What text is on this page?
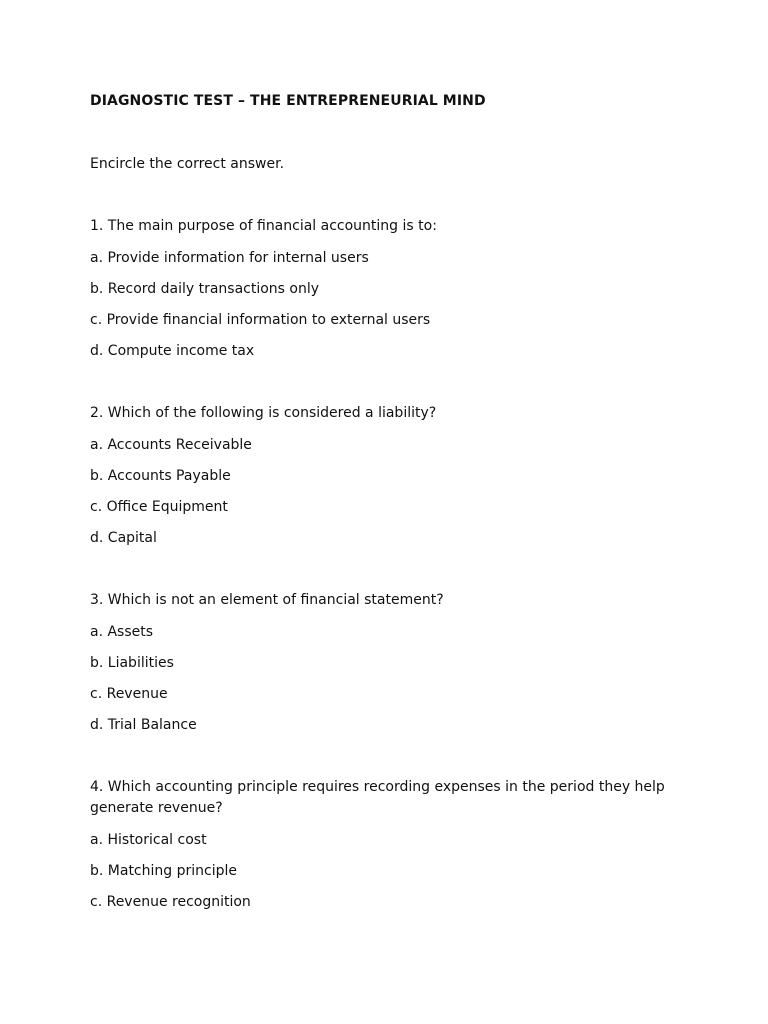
DIAGNOSTIC TEST – THE ENTREPRENEURIAL MIND

Encircle the correct answer.

1. The main purpose of financial accounting is to:

a. Provide information for internal users

b. Record daily transactions only

c. Provide financial information to external users

d. Compute income tax

2. Which of the following is considered a liability?

a. Accounts Receivable

b. Accounts Payable

c. Office Equipment

d. Capital

3. Which is not an element of financial statement?

a. Assets

b. Liabilities

c. Revenue

d. Trial Balance

4. Which accounting principle requires recording expenses in the period they help generate revenue?

a. Historical cost

b. Matching principle

c. Revenue recognition
